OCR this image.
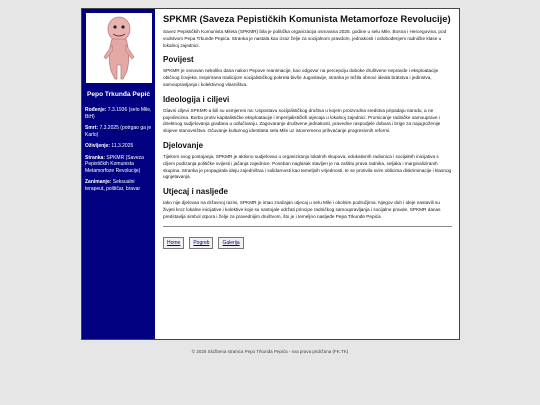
Pepo Trkunđa Pepić

Rođenje: 7.3.1936 (selo Mile, BiH)

Smrt: 7.3.2025 (potrgao ga je Karlo)

Oživljenje: 11.3.2025

Stranka: SPKMR (Saveza Pepističkih Komunista Metamorfoze Revolucije)

Zanimanje: Seksualni terapeut, političar, bravar

SPKMR (Saveza Pepističkih Komunista Metamorfoze Revolucije)

Savez Pepističkih Komunista Mileta (SPKMR) bila je politička organizacija osnovana 2025. godine u selu Mile, Bosna i Hercegovina, pod vodstvom Pepa Trkunđe Pepića. Stranka je nastala kao izraz želje za socijalnom pravdom, jednakosti i oslobođenjem radničke klase u lokalnoj zajednici.

Povijest

SPKMR je osnovan nekoliko dana nakon Pepove reanimacije, kao odgovor na percepciju duboke društvene nepravde i eksploatacije običnog čovjeka. Inspirirana tradicijom socijalističkog pokreta bivše Jugoslavije, stranka je težila obnovi ideala bratstva i jedinstva, samoupravljanja i kolektivnog vlasništva.

Ideologija i ciljevi

Glavni ciljevi SPKMR-a bili su usmjereni na: Uspostavu socijalističkog društva u kojem proizvodna sredstva pripadaju narodu, a ne pojedincima. Borbu protiv kapitalističke eksploatacije i imperijalističkih utjecaja u lokalnoj zajednici. Promicanje radničke samouprave i direktnog sudjelovanja građana u odlučivanju. Zagovaranje društvene jednakosti, pravedne raspodjele dobara i brige za najugroženije slojeve stanovništva. Očuvanje kulturnog identiteta sela Mile uz istovremeno prihvaćanje progresivnih reformi.

Djelovanje

Tijekom svog postojanja, SPKMR je aktivno sudjelovao u organiziranju lokalnih skupova, edukativnih radionica i socijalnih inicijativa s ciljem podizanja političke svijesti i jačanja zajednice. Poseban naglasak stavljen je na zaštitu prava radnika, seljaka i marginaliziranih skupina. Stranka je propagirala ideju zajedništva i solidarnosti kao temeljnih vrijednosti, te se protivila svim oblicima diskriminacije i klasnog ugnjetavanja.

Utjecaj i nasljeđe

Iako nije djelovao na državnoj razini, SPKMR je imao značajan utjecaj u selu Mile i okolnim područjima. Njegov duh i ideje nastavili su živjeti kroz lokalne inicijative i kolektive koje su nastojale održati principe radničkog samoupravljanja i socijalne pravde. SPKMR danas predstavlja simbol otpora i želje za pravednijim društvom, što je i temeljno nasljeđe Pepa Trkunđe Pepića.

Home	Pogreb	Galerija
© 2025 Službena stranica Pepo Trkunđa Pepića - sva prava pridržana (FK.TK)
